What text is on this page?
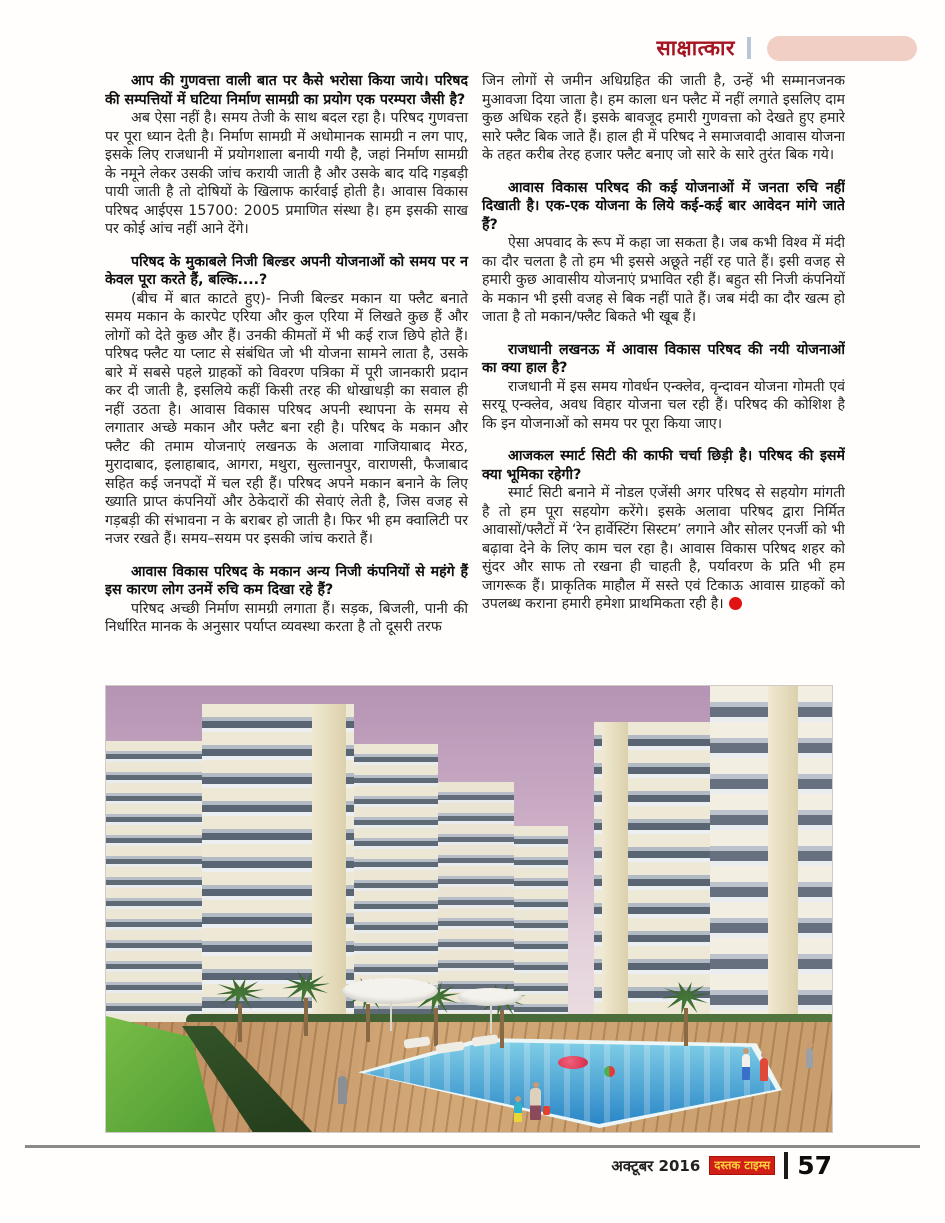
साक्षात्कार

आप की गुणवत्ता वाली बात पर कैसे भरोसा किया जाये। परिषद की सम्पत्तियों में घटिया निर्माण सामग्री का प्रयोग एक परम्परा जैसी है?

अब ऐसा नहीं है। समय तेजी के साथ बदल रहा है। परिषद गुणवत्ता पर पूरा ध्यान देती है। निर्माण सामग्री में अधोमानक सामग्री न लग पाए, इसके लिए राजधानी में प्रयोगशाला बनायी गयी है, जहां निर्माण सामग्री के नमूने लेकर उसकी जांच करायी जाती है और उसके बाद यदि गड़बड़ी पायी जाती है तो दोषियों के खिलाफ कार्रवाई होती है। आवास विकास परिषद आईएस 15700: 2005 प्रमाणित संस्था है। हम इसकी साख पर कोई आंच नहीं आने देंगे।

परिषद के मुकाबले निजी बिल्डर अपनी योजनाओं को समय पर न केवल पूरा करते हैं, बल्कि....?

(बीच में बात काटते हुए)- निजी बिल्डर मकान या फ्लैट बनाते समय मकान के कारपेट एरिया और कुल एरिया में लिखते कुछ हैं और लोगों को देते कुछ और हैं। उनकी कीमतों में भी कई राज छिपे होते हैं। परिषद फ्लैट या प्लाट से संबंधित जो भी योजना सामने लाता है, उसके बारे में सबसे पहले ग्राहकों को विवरण पत्रिका में पूरी जानकारी प्रदान कर दी जाती है, इसलिये कहीं किसी तरह की धोखाधड़ी का सवाल ही नहीं उठता है। आवास विकास परिषद अपनी स्थापना के समय से लगातार अच्छे मकान और फ्लैट बना रही है। परिषद के मकान और फ्लैट की तमाम योजनाएं लखनऊ के अलावा गाजियाबाद मेरठ, मुरादाबाद, इलाहाबाद, आगरा, मथुरा, सुल्तानपुर, वाराणसी, फैजाबाद सहित कई जनपदों में चल रही हैं। परिषद अपने मकान बनाने के लिए ख्याति प्राप्त कंपनियों और ठेकेदारों की सेवाएं लेती है, जिस वजह से गड़बड़ी की संभावना न के बराबर हो जाती है। फिर भी हम क्वालिटी पर नजर रखते हैं। समय–सयम पर इसकी जांच कराते हैं।

आवास विकास परिषद के मकान अन्य निजी कंपनियों से महंगे हैं इस कारण लोग उनमें रुचि कम दिखा रहे हैं?

परिषद अच्छी निर्माण सामग्री लगाता हैं। सड़क, बिजली, पानी की निर्धारित मानक के अनुसार पर्याप्त व्यवस्था करता है तो दूसरी तरफ

जिन लोगों से जमीन अधिग्रहित की जाती है, उन्हें भी सम्मानजनक मुआवजा दिया जाता है। हम काला धन फ्लैट में नहीं लगाते इसलिए दाम कुछ अधिक रहते हैं। इसके बावजूद हमारी गुणवत्ता को देखते हुए हमारे सारे फ्लैट बिक जाते हैं। हाल ही में परिषद ने समाजवादी आवास योजना के तहत करीब तेरह हजार फ्लैट बनाए जो सारे के सारे तुरंत बिक गये।

आवास विकास परिषद की कई योजनाओं में जनता रुचि नहीं दिखाती है। एक-एक योजना के लिये कई-कई बार आवेदन मांगे जाते हैं?

ऐसा अपवाद के रूप में कहा जा सकता है। जब कभी विश्व में मंदी का दौर चलता है तो हम भी इससे अछूते नहीं रह पाते हैं। इसी वजह से हमारी कुछ आवासीय योजनाएं प्रभावित रही हैं। बहुत सी निजी कंपनियों के मकान भी इसी वजह से बिक नहीं पाते हैं। जब मंदी का दौर खत्म हो जाता है तो मकान/फ्लैट बिकते भी खूब हैं।

राजधानी लखनऊ में आवास विकास परिषद की नयी योजनाओं का क्या हाल है?

राजधानी में इस समय गोवर्धन एन्क्लेव, वृन्दावन योजना गोमती एवं सरयू एन्क्लेव, अवध विहार योजना चल रही हैं। परिषद की कोशिश है कि इन योजनाओं को समय पर पूरा किया जाए।

आजकल स्मार्ट सिटी की काफी चर्चा छिड़ी है। परिषद की इसमें क्या भूमिका रहेगी?

स्मार्ट सिटी बनाने में नोडल एजेंसी अगर परिषद से सहयोग मांगती है तो हम पूरा सहयोग करेंगे। इसके अलावा परिषद द्वारा निर्मित आवासों/फ्लैटों में ‘रेन हार्वेस्टिंग सिस्टम’ लगाने और सोलर एनर्जी को भी बढ़ावा देने के लिए काम चल रहा है। आवास विकास परिषद शहर को सुंदर और साफ तो रखना ही चाहती है, पर्यावरण के प्रति भी हम जागरूक हैं। प्राकृतिक माहौल में सस्ते एवं टिकाऊ आवास ग्राहकों को उपलब्ध कराना हमारी हमेशा प्राथमिकता रही है।

अक्टूबर 2016	दस्तक टाइम्स 57
